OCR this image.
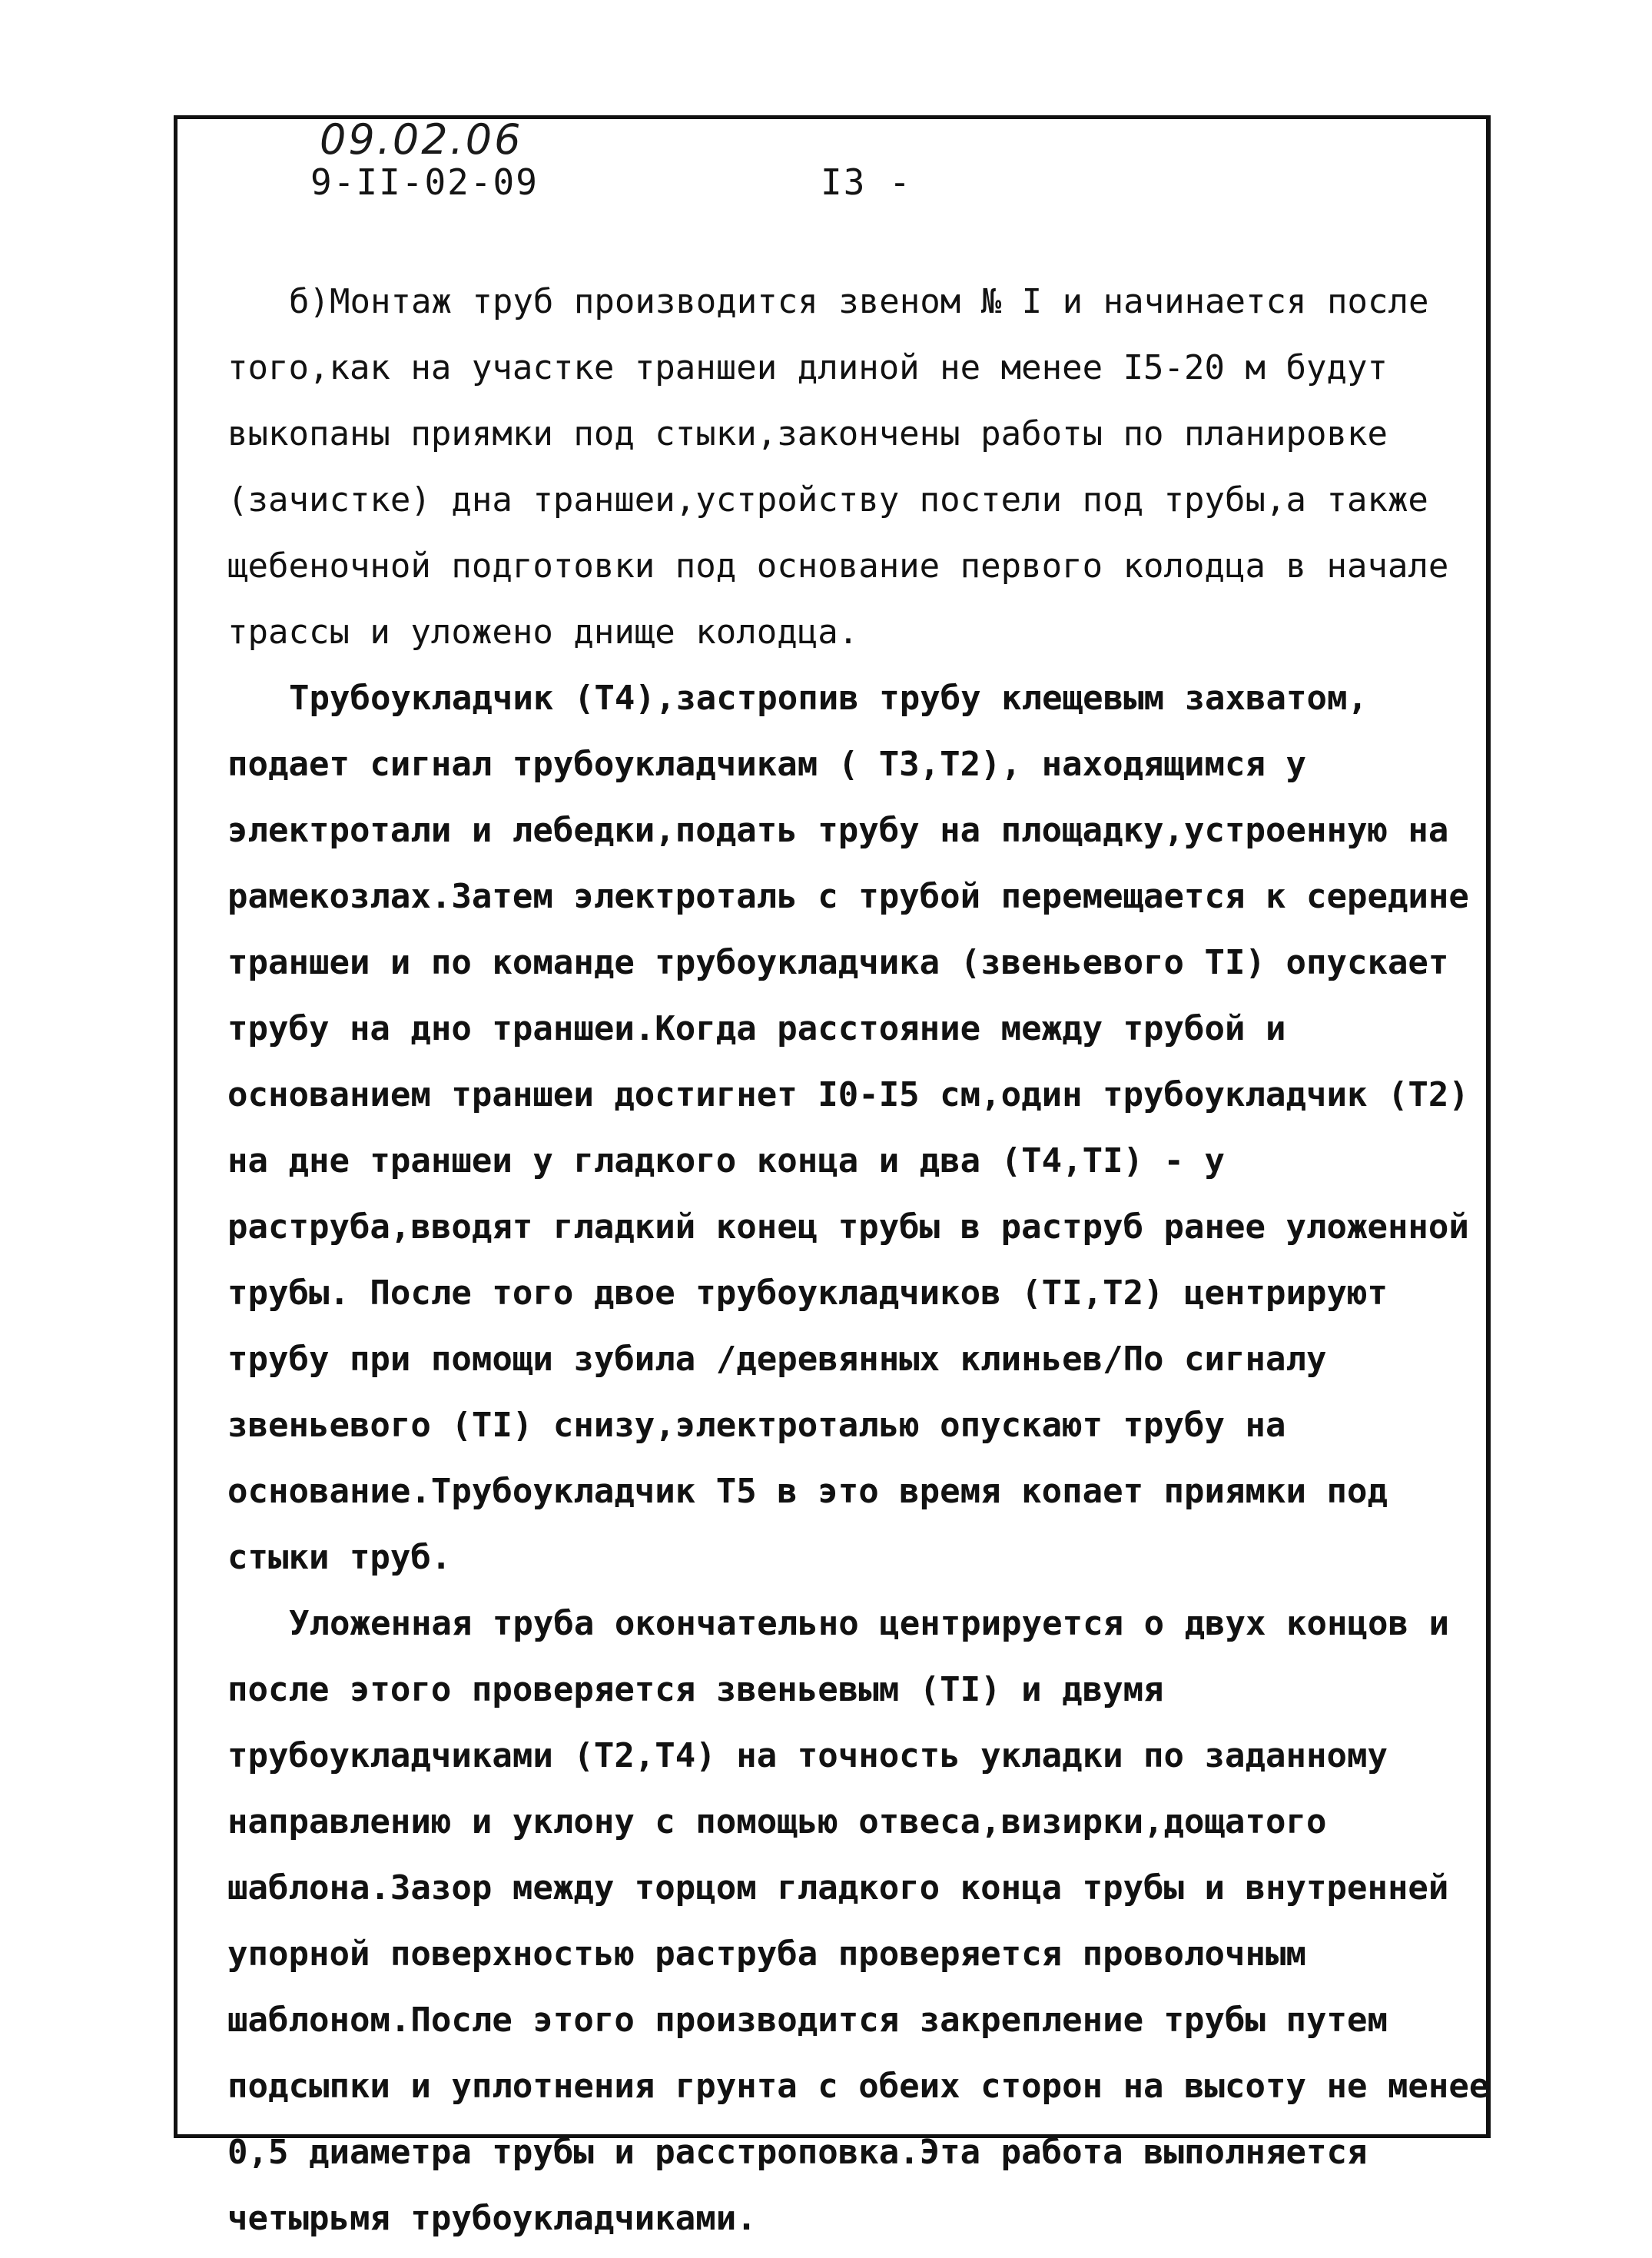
09.02.06
9-II-02-09	I3 -

б)Монтаж труб производится звеном № I и начинается после того,как на участке траншеи длиной не менее I5-20 м будут выкопаны приямки под стыки,закончены работы по планировке (зачистке) дна траншеи,устройству постели под трубы,а также щебеночной подготовки под основание первого колодца в начале трассы и уложено днище колодца.

Трубоукладчик (Т4),застропив трубу клещевым захватом, подает сигнал трубоукладчикам ( Т3,Т2), находящимся у электротали и лебедки,подать трубу на площадку,устроенную на рамекозлах.Затем электроталь с трубой перемещается к середине траншеи и по команде трубоукладчика (звеньевого ТI) опускает трубу на дно траншеи.Когда расстояние между трубой и основанием траншеи достигнет I0-I5 см,один трубоукладчик (Т2) на дне траншеи у гладкого конца и два (Т4,ТI) - у раструба,вводят гладкий конец трубы в раструб ранее уложенной трубы. После того двое трубоукладчиков (ТI,Т2) центрируют трубу при помощи зубила /деревянных клиньев/По сигналу звеньевого (ТI) снизу,электроталью опускают трубу на основание.Трубоукладчик Т5 в это время копает приямки под стыки труб.

Уложенная труба окончательно центрируется о двух концов и после этого проверяется звеньевым (ТI) и двумя трубоукладчиками (Т2,Т4) на точность укладки по заданному направлению и уклону с помощью отвеса,визирки,дощатого шаблона.Зазор между торцом гладкого конца трубы и внутренней упорной поверхностью раструба проверяется проволочным шаблоном.После этого производится закрепление трубы путем подсыпки и уплотнения грунта с обеих сторон на высоту не менее 0,5 диаметра трубы и расстроповка.Эта работа выполняется четырьмя трубоукладчиками.
